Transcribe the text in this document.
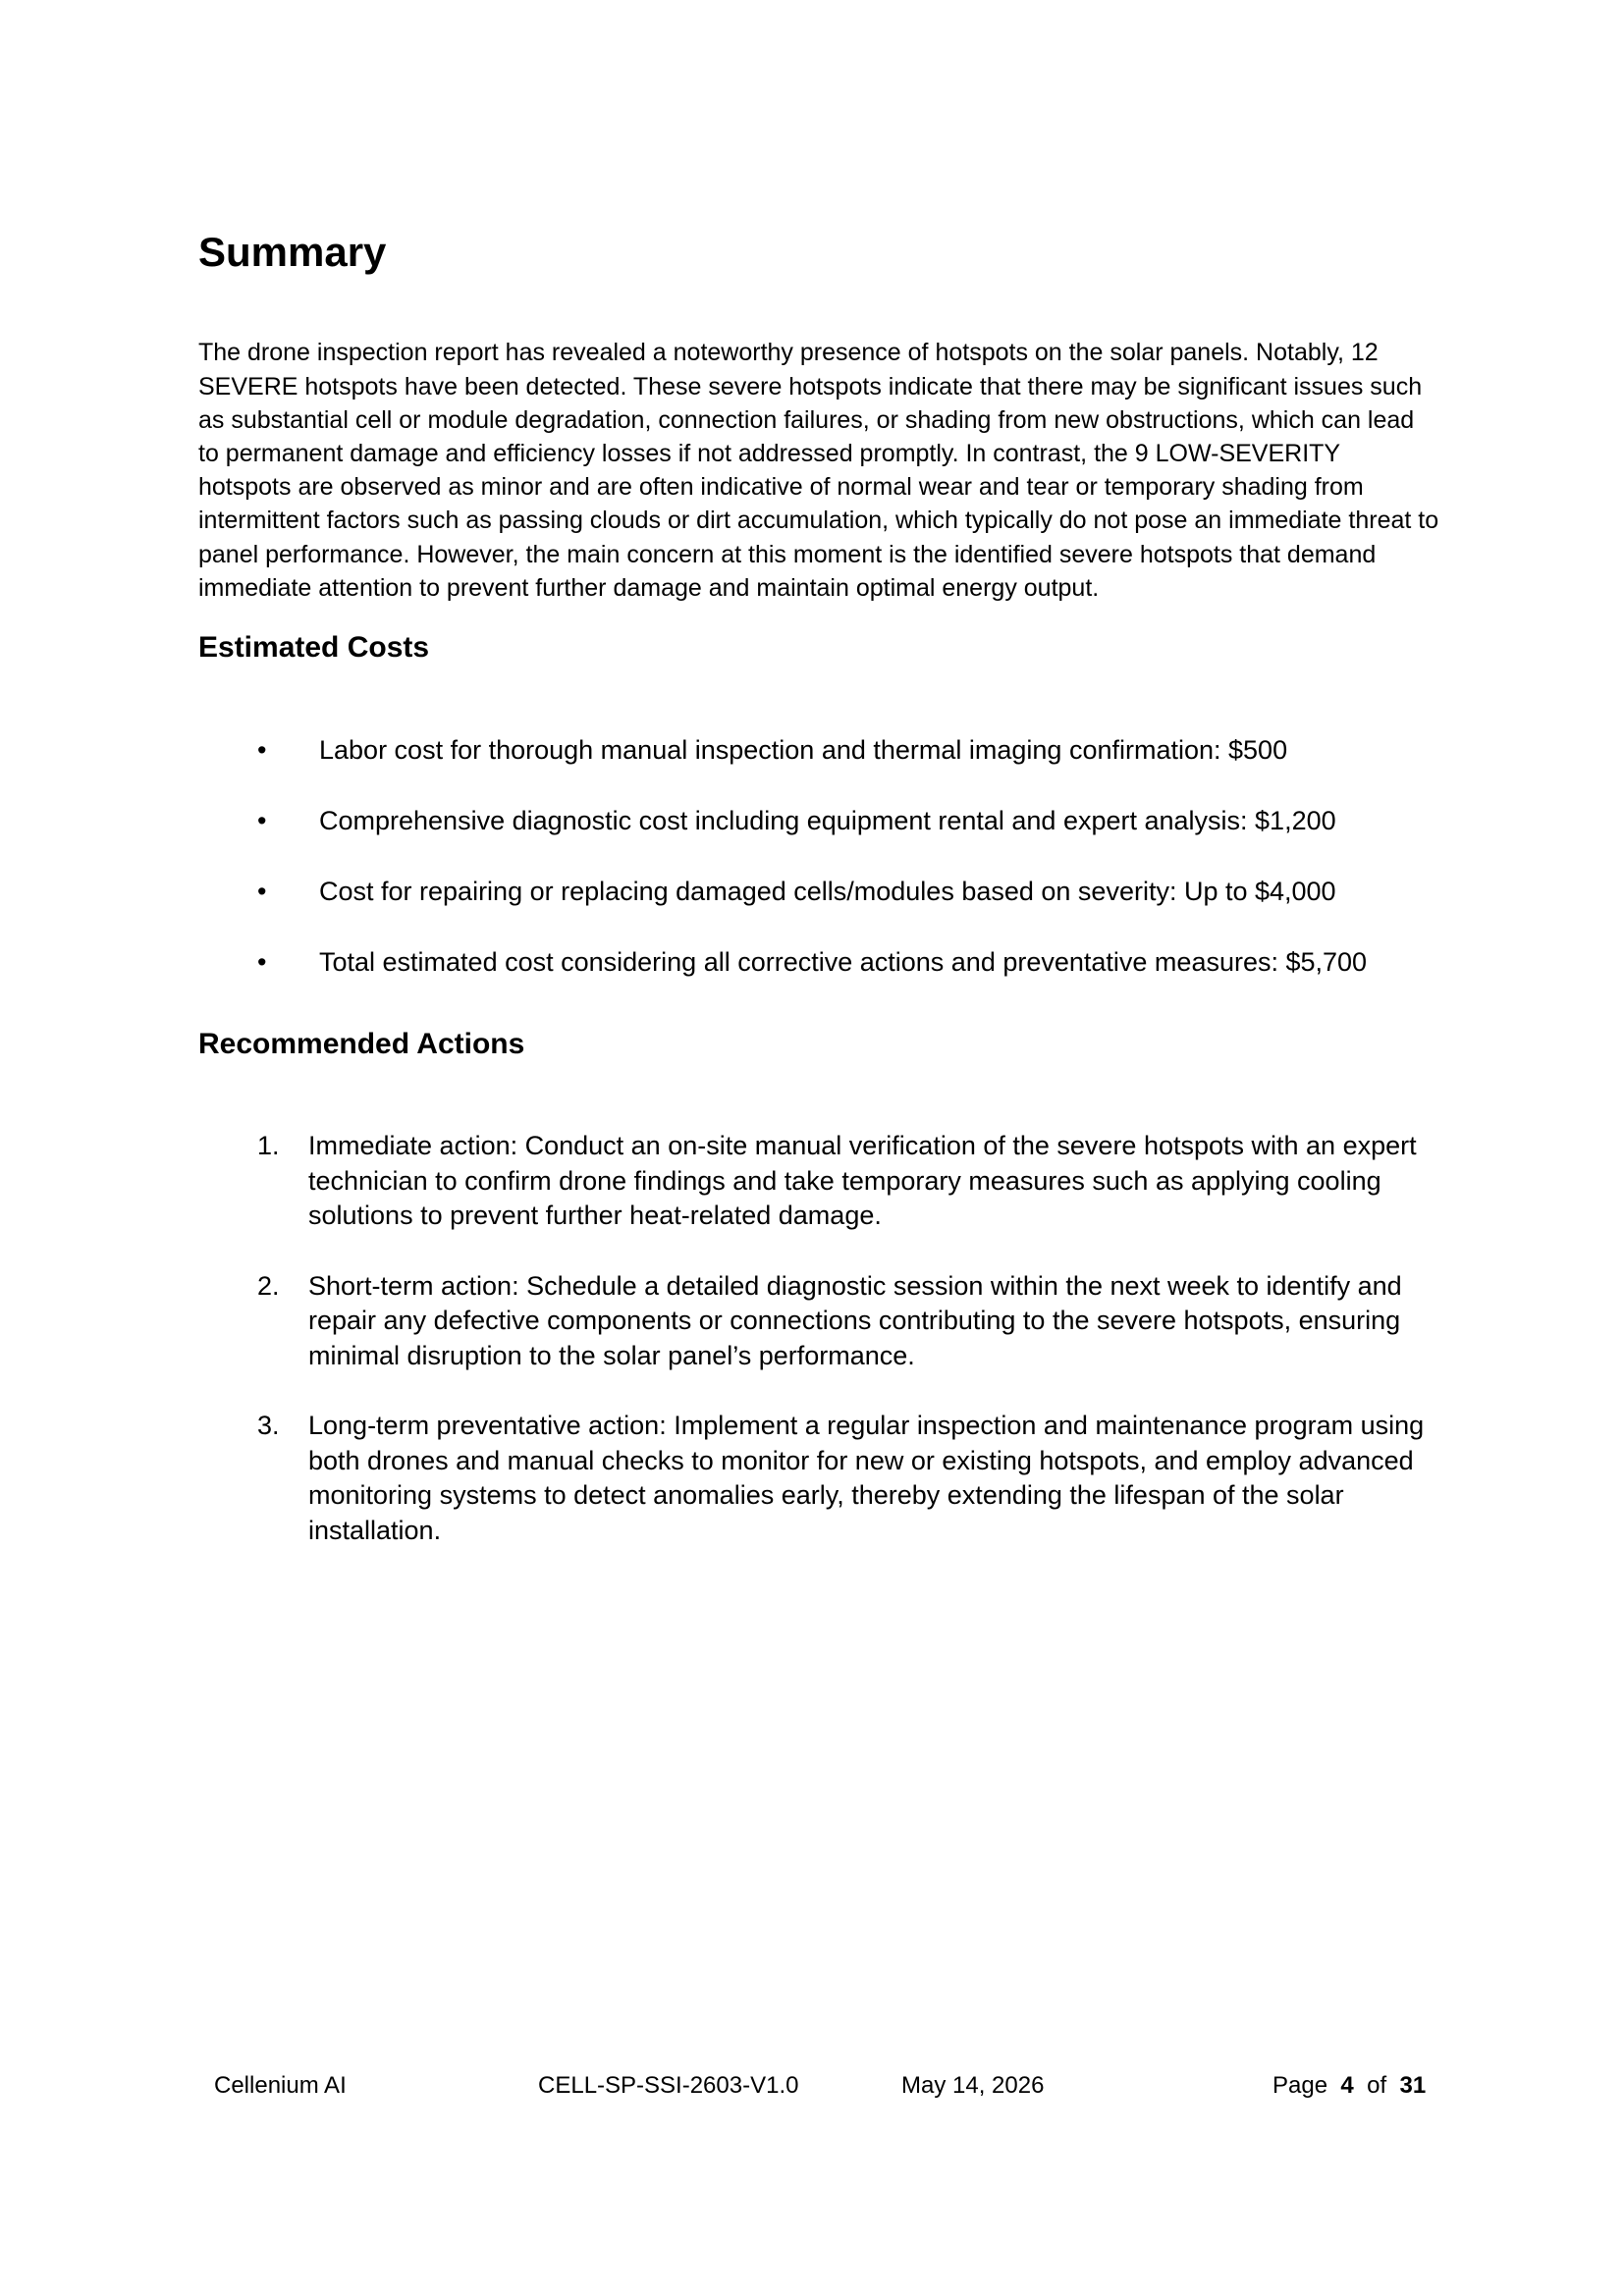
Summary

The drone inspection report has revealed a noteworthy presence of hotspots on the solar panels. Notably, 12 SEVERE hotspots have been detected. These severe hotspots indicate that there may be significant issues such as substantial cell or module degradation, connection failures, or shading from new obstructions, which can lead to permanent damage and efficiency losses if not addressed promptly. In contrast, the 9 LOW-SEVERITY hotspots are observed as minor and are often indicative of normal wear and tear or temporary shading from intermittent factors such as passing clouds or dirt accumulation, which typically do not pose an immediate threat to panel performance. However, the main concern at this moment is the identified severe hotspots that demand immediate attention to prevent further damage and maintain optimal energy output.

Estimated Costs
• Labor cost for thorough manual inspection and thermal imaging confirmation: $500
• Comprehensive diagnostic cost including equipment rental and expert analysis: $1,200
• Cost for repairing or replacing damaged cells/modules based on severity: Up to $4,000
• Total estimated cost considering all corrective actions and preventative measures: $5,700
Recommended Actions
1. Immediate action: Conduct an on-site manual verification of the severe hotspots with an expert technician to confirm drone findings and take temporary measures such as applying cooling solutions to prevent further heat-related damage.
2. Short-term action: Schedule a detailed diagnostic session within the next week to identify and repair any defective components or connections contributing to the severe hotspots, ensuring minimal disruption to the solar panel’s performance.
3. Long-term preventative action: Implement a regular inspection and maintenance program using both drones and manual checks to monitor for new or existing hotspots, and employ advanced monitoring systems to detect anomalies early, thereby extending the lifespan of the solar installation.
Cellenium AI	CELL-SP-SSI-2603-V1.0	May 14, 2026	Page 4 of 31
